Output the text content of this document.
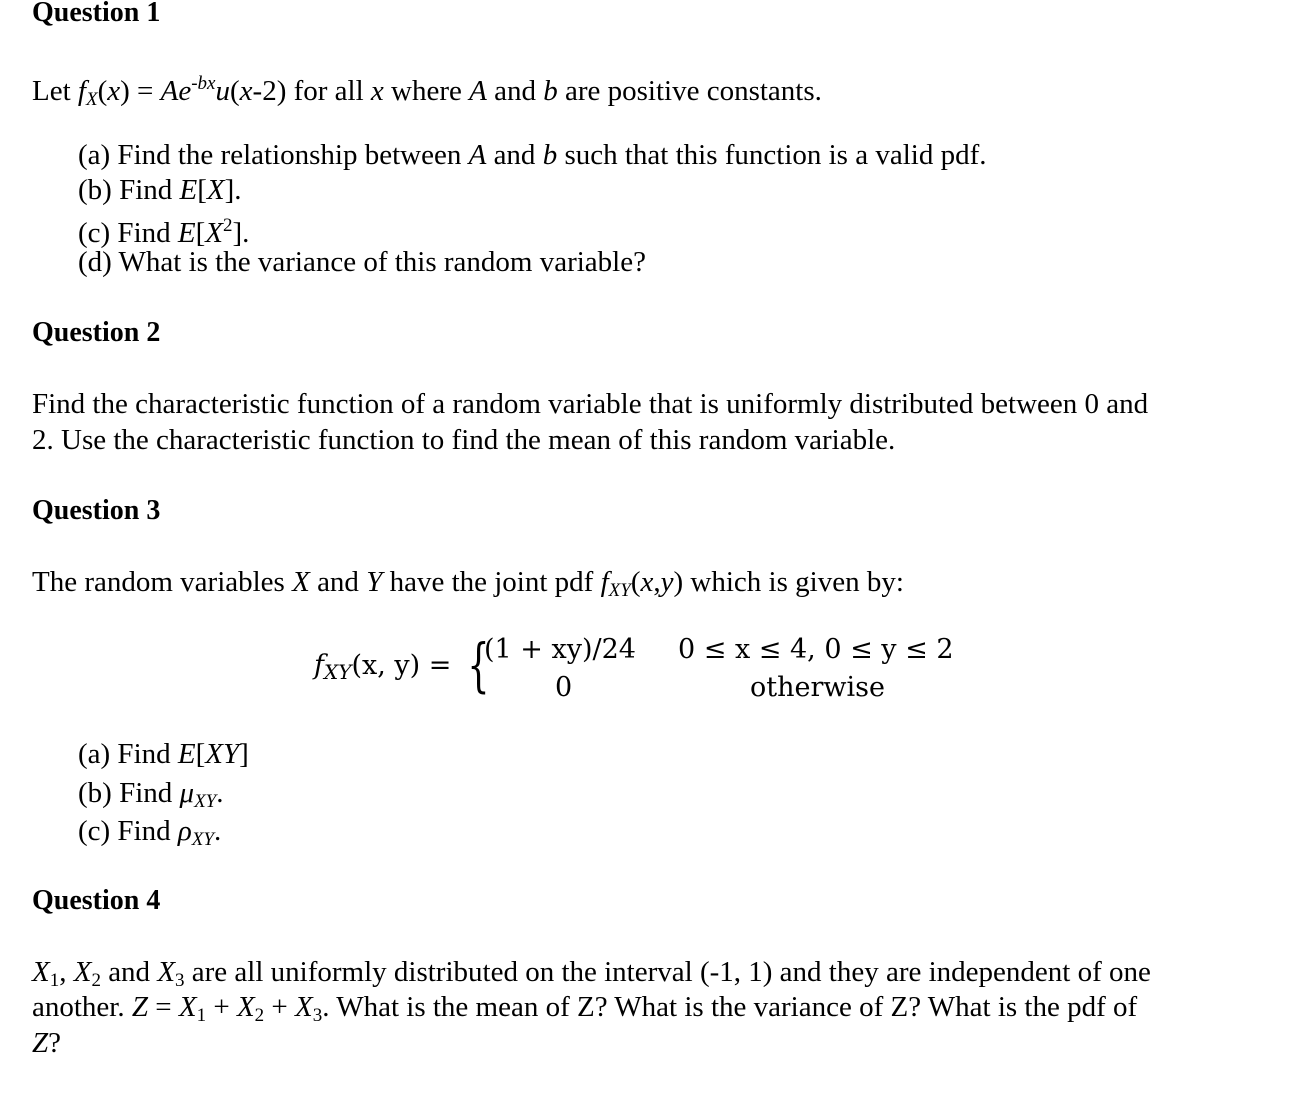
fXY(x, y) = {
(1 + xy)/24 0 ≤ x ≤ 4, 0 ≤ y ≤ 2
0	otherwise
Question 1
Let $fX(x) = Ae^{-bx}u(x-2)$ for all x where A and b are positive constants.
(a) Find the relationship between A and b such that this function is a valid pdf.
(b) Find E[X].
(c) Find $E[X^2]$.
(d) What is the variance of this random variable?
Question 2
Find the characteristic function of a random variable that is uniformly distributed between 0 and
2. Use the characteristic function to find the mean of this random variable.
Question 3
The random variables X and Y have the joint pdf fXY(x,y) which is given by:
(a) Find E[XY]
(b) Find μXY.
(c) Find ρXY.
Question 4
$X_1$, $X_2$ and $X_3$ are all uniformly distributed on the interval (-1, 1) and they are independent of one
another. $Z = X_1 + X_2 + X_3$. What is the mean of Z? What is the variance of Z? What is the pdf of
Z?
